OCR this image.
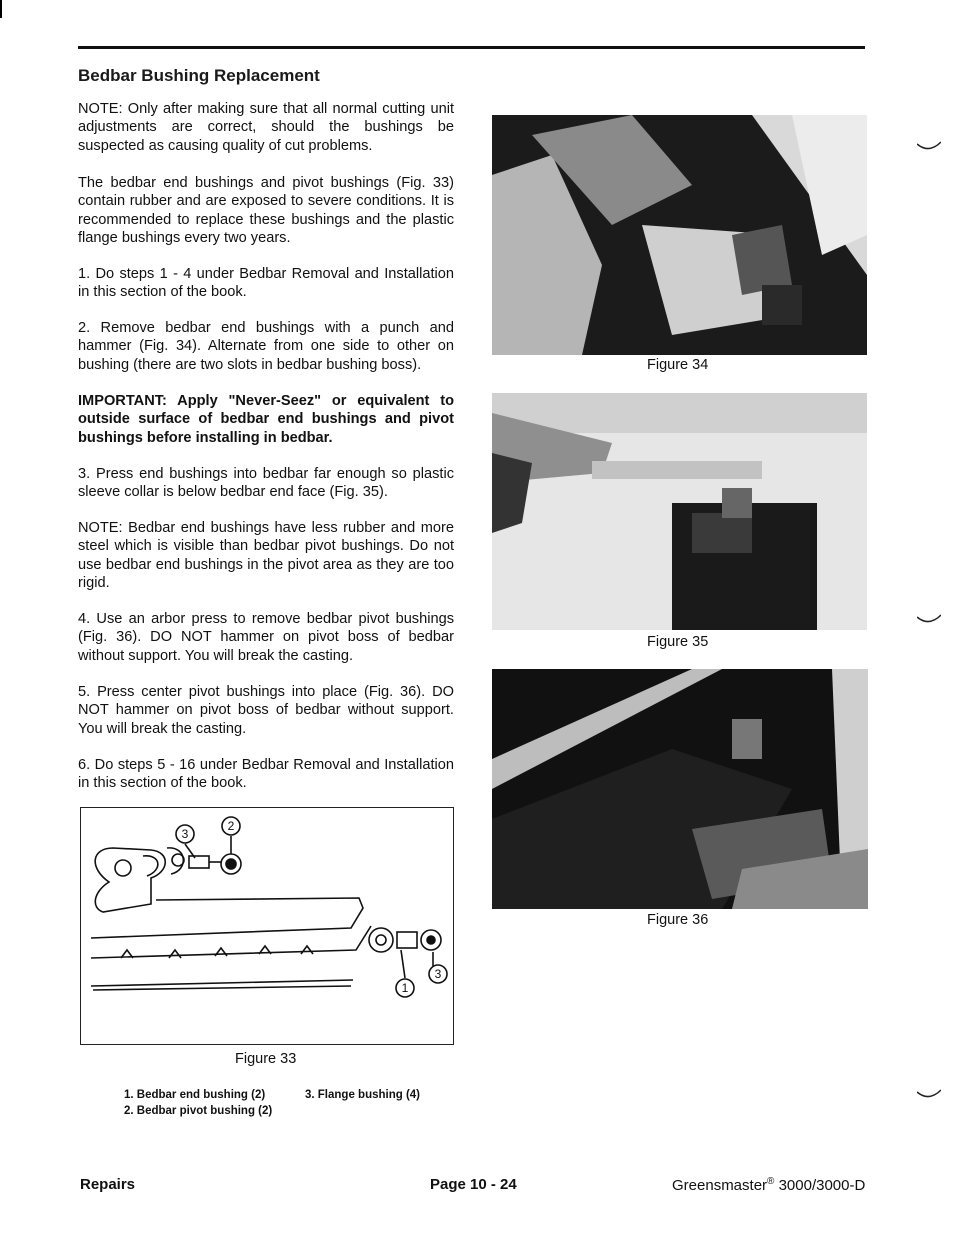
Bedbar Bushing Replacement

NOTE: Only after making sure that all normal cutting unit adjustments are correct, should the bushings be suspected as causing quality of cut problems.

The bedbar end bushings and pivot bushings (Fig. 33) contain rubber and are exposed to severe conditions. It is recommended to replace these bushings and the plastic flange bushings every two years.

1. Do steps 1 - 4 under Bedbar Removal and Installation in this section of the book.

2. Remove bedbar end bushings with a punch and hammer (Fig. 34). Alternate from one side to other on bushing (there are two slots in bedbar bushing boss).

IMPORTANT: Apply "Never-Seez" or equivalent to outside surface of bedbar end bushings and pivot bushings before installing in bedbar.

3. Press end bushings into bedbar far enough so plastic sleeve collar is below bedbar end face (Fig. 35).

NOTE: Bedbar end bushings have less rubber and more steel which is visible than bedbar pivot bushings. Do not use bedbar end bushings in the pivot area as they are too rigid.

4. Use an arbor press to remove bedbar pivot bushings (Fig. 36). DO NOT hammer on pivot boss of bedbar without support. You will break the casting.

5. Press center pivot bushings into place (Fig. 36). DO NOT hammer on pivot boss of bedbar without support. You will break the casting.

6. Do steps 5 - 16 under Bedbar Removal and Installation in this section of the book.

3
2
1
3
Figure 33
1. Bedbar end bushing (2)
2. Bedbar pivot bushing (2)
3. Flange bushing (4)
Figure 34
Figure 35
Figure 36
Repairs	Page 10 - 24	Greensmaster® 3000/3000-D
